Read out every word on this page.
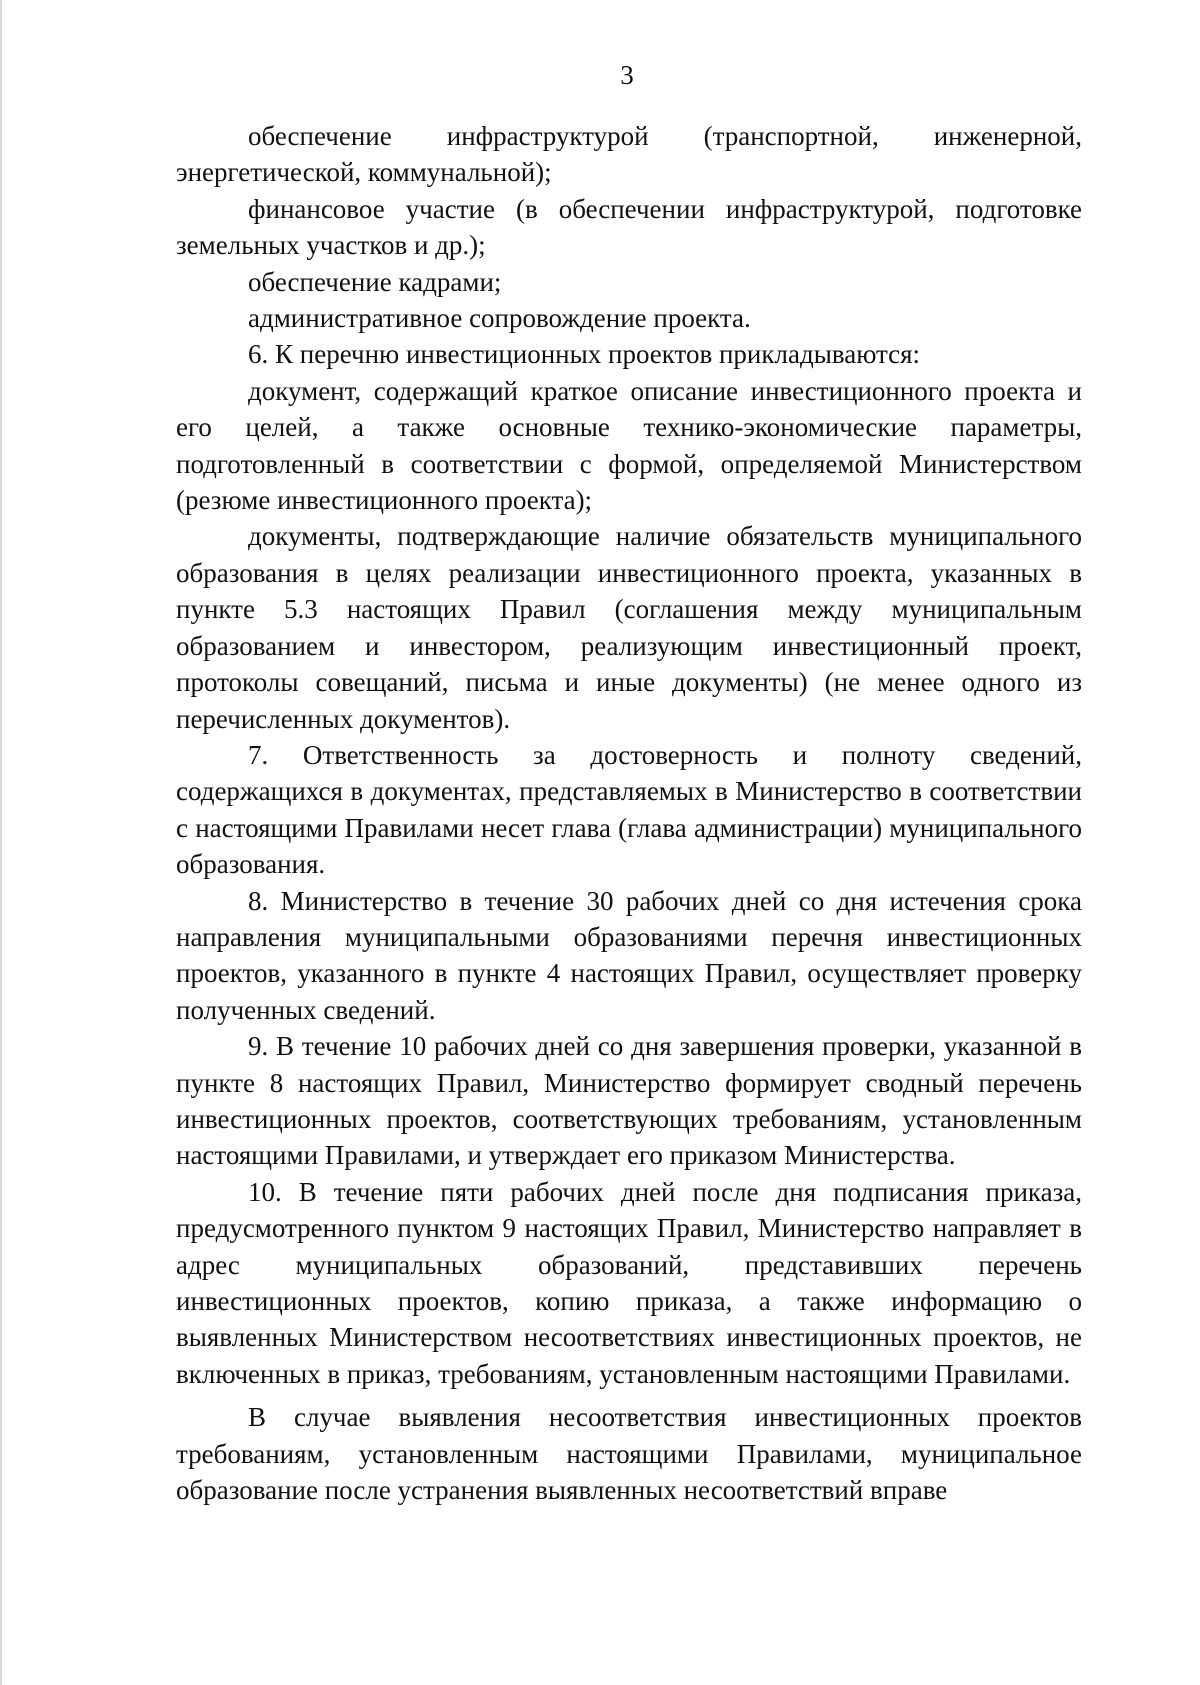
3

обеспечение инфраструктурой (транспортной, инженерной, энергетической, коммунальной);

финансовое участие (в обеспечении инфраструктурой, подготовке земельных участков и др.);

обеспечение кадрами;

административное сопровождение проекта.

6. К перечню инвестиционных проектов прикладываются:

документ, содержащий краткое описание инвестиционного проекта и его целей, а также основные технико-экономические параметры, подготовленный в соответствии с формой, определяемой Министерством (резюме инвестиционного проекта);

документы, подтверждающие наличие обязательств муниципального образования в целях реализации инвестиционного проекта, указанных в пункте 5.3 настоящих Правил (соглашения между муниципальным образованием и инвестором, реализующим инвестиционный проект, протоколы совещаний, письма и иные документы) (не менее одного из перечисленных документов).

7. Ответственность за достоверность и полноту сведений, содержащихся в документах, представляемых в Министерство в соответствии с настоящими Правилами несет глава (глава администрации) муниципального образования.

8. Министерство в течение 30 рабочих дней со дня истечения срока направления муниципальными образованиями перечня инвестиционных проектов, указанного в пункте 4 настоящих Правил, осуществляет проверку полученных сведений.

9. В течение 10 рабочих дней со дня завершения проверки, указанной в пункте 8 настоящих Правил, Министерство формирует сводный перечень инвестиционных проектов, соответствующих требованиям, установленным настоящими Правилами, и утверждает его приказом Министерства.

10. В течение пяти рабочих дней после дня подписания приказа, предусмотренного пунктом 9 настоящих Правил, Министерство направляет в адрес муниципальных образований, представивших перечень инвестиционных проектов, копию приказа, а также информацию о выявленных Министерством несоответствиях инвестиционных проектов, не включенных в приказ, требованиям, установленным настоящими Правилами.

В случае выявления несоответствия инвестиционных проектов требованиям, установленным настоящими Правилами, муниципальное образование после устранения выявленных несоответствий вправе
